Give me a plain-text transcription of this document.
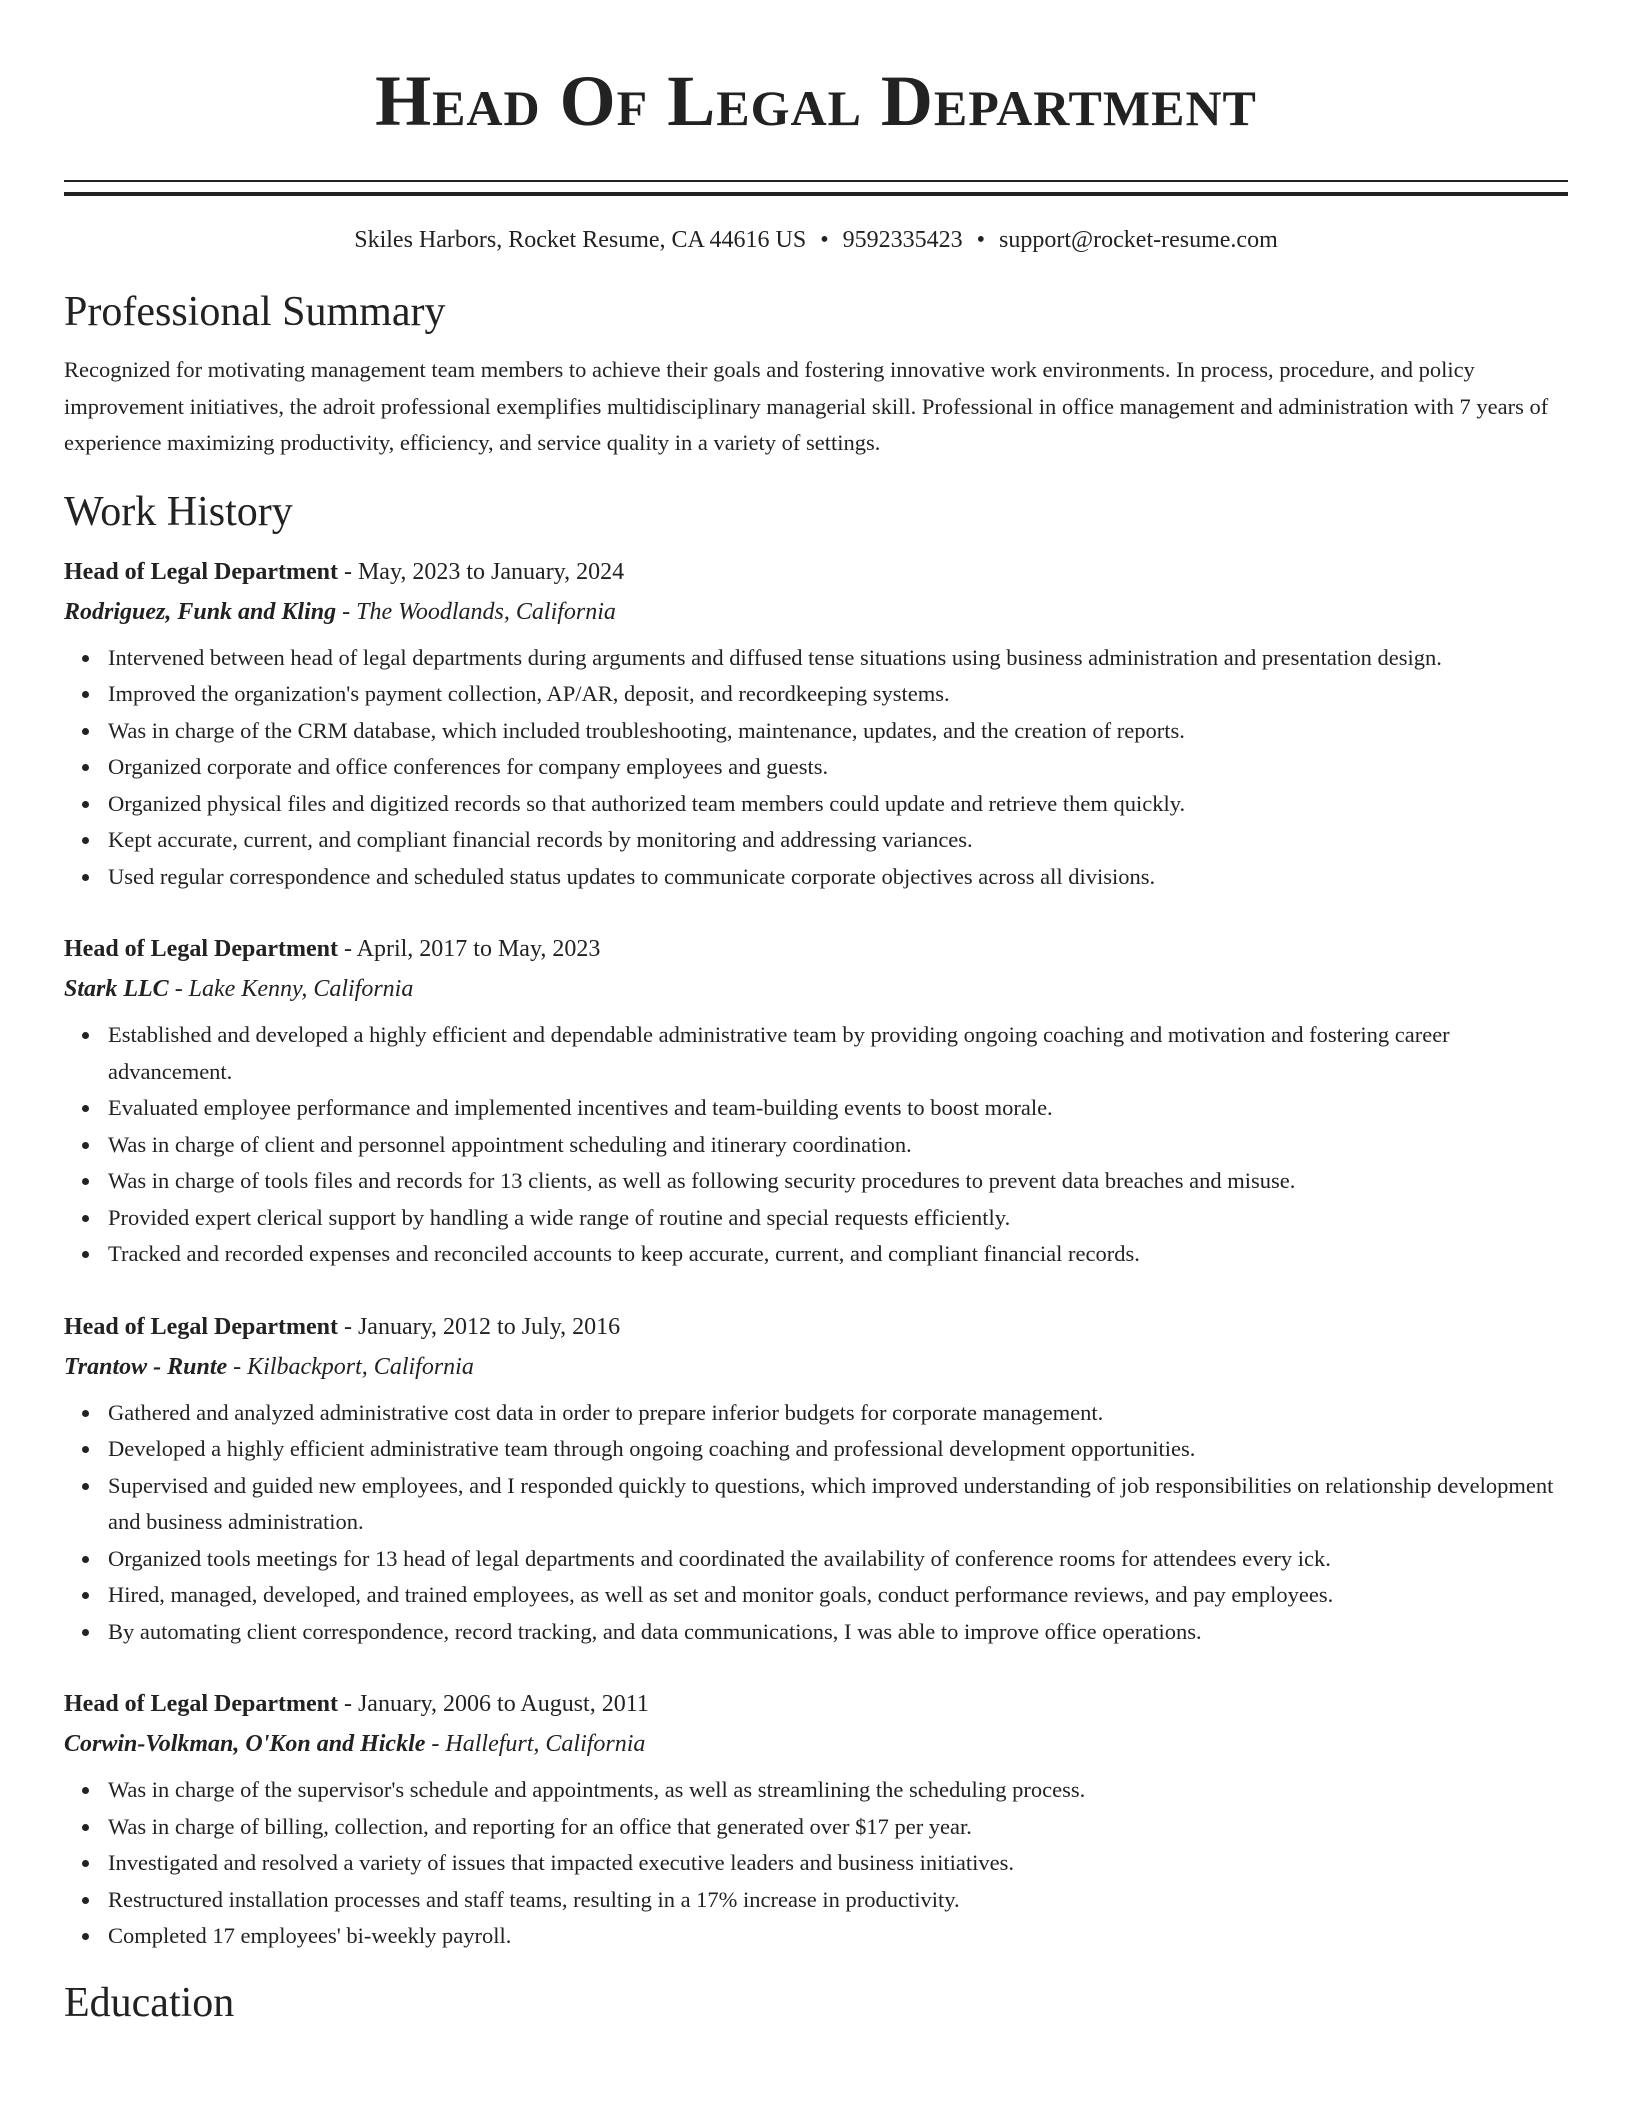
Head Of Legal Department
Skiles Harbors, Rocket Resume, CA 44616 US • 9592335423 • support@rocket-resume.com
Professional Summary
Recognized for motivating management team members to achieve their goals and fostering innovative work environments. In process, procedure, and policy improvement initiatives, the adroit professional exemplifies multidisciplinary managerial skill. Professional in office management and administration with 7 years of experience maximizing productivity, efficiency, and service quality in a variety of settings.
Work History
Head of Legal Department - May, 2023 to January, 2024
Rodriguez, Funk and Kling - The Woodlands, California
Intervened between head of legal departments during arguments and diffused tense situations using business administration and presentation design.
Improved the organization's payment collection, AP/AR, deposit, and recordkeeping systems.
Was in charge of the CRM database, which included troubleshooting, maintenance, updates, and the creation of reports.
Organized corporate and office conferences for company employees and guests.
Organized physical files and digitized records so that authorized team members could update and retrieve them quickly.
Kept accurate, current, and compliant financial records by monitoring and addressing variances.
Used regular correspondence and scheduled status updates to communicate corporate objectives across all divisions.
Head of Legal Department - April, 2017 to May, 2023
Stark LLC - Lake Kenny, California
Established and developed a highly efficient and dependable administrative team by providing ongoing coaching and motivation and fostering career advancement.
Evaluated employee performance and implemented incentives and team-building events to boost morale.
Was in charge of client and personnel appointment scheduling and itinerary coordination.
Was in charge of tools files and records for 13 clients, as well as following security procedures to prevent data breaches and misuse.
Provided expert clerical support by handling a wide range of routine and special requests efficiently.
Tracked and recorded expenses and reconciled accounts to keep accurate, current, and compliant financial records.
Head of Legal Department - January, 2012 to July, 2016
Trantow - Runte - Kilbackport, California
Gathered and analyzed administrative cost data in order to prepare inferior budgets for corporate management.
Developed a highly efficient administrative team through ongoing coaching and professional development opportunities.
Supervised and guided new employees, and I responded quickly to questions, which improved understanding of job responsibilities on relationship development and business administration.
Organized tools meetings for 13 head of legal departments and coordinated the availability of conference rooms for attendees every ick.
Hired, managed, developed, and trained employees, as well as set and monitor goals, conduct performance reviews, and pay employees.
By automating client correspondence, record tracking, and data communications, I was able to improve office operations.
Head of Legal Department - January, 2006 to August, 2011
Corwin-Volkman, O'Kon and Hickle - Hallefurt, California
Was in charge of the supervisor's schedule and appointments, as well as streamlining the scheduling process.
Was in charge of billing, collection, and reporting for an office that generated over $17 per year.
Investigated and resolved a variety of issues that impacted executive leaders and business initiatives.
Restructured installation processes and staff teams, resulting in a 17% increase in productivity.
Completed 17 employees' bi-weekly payroll.
Education
